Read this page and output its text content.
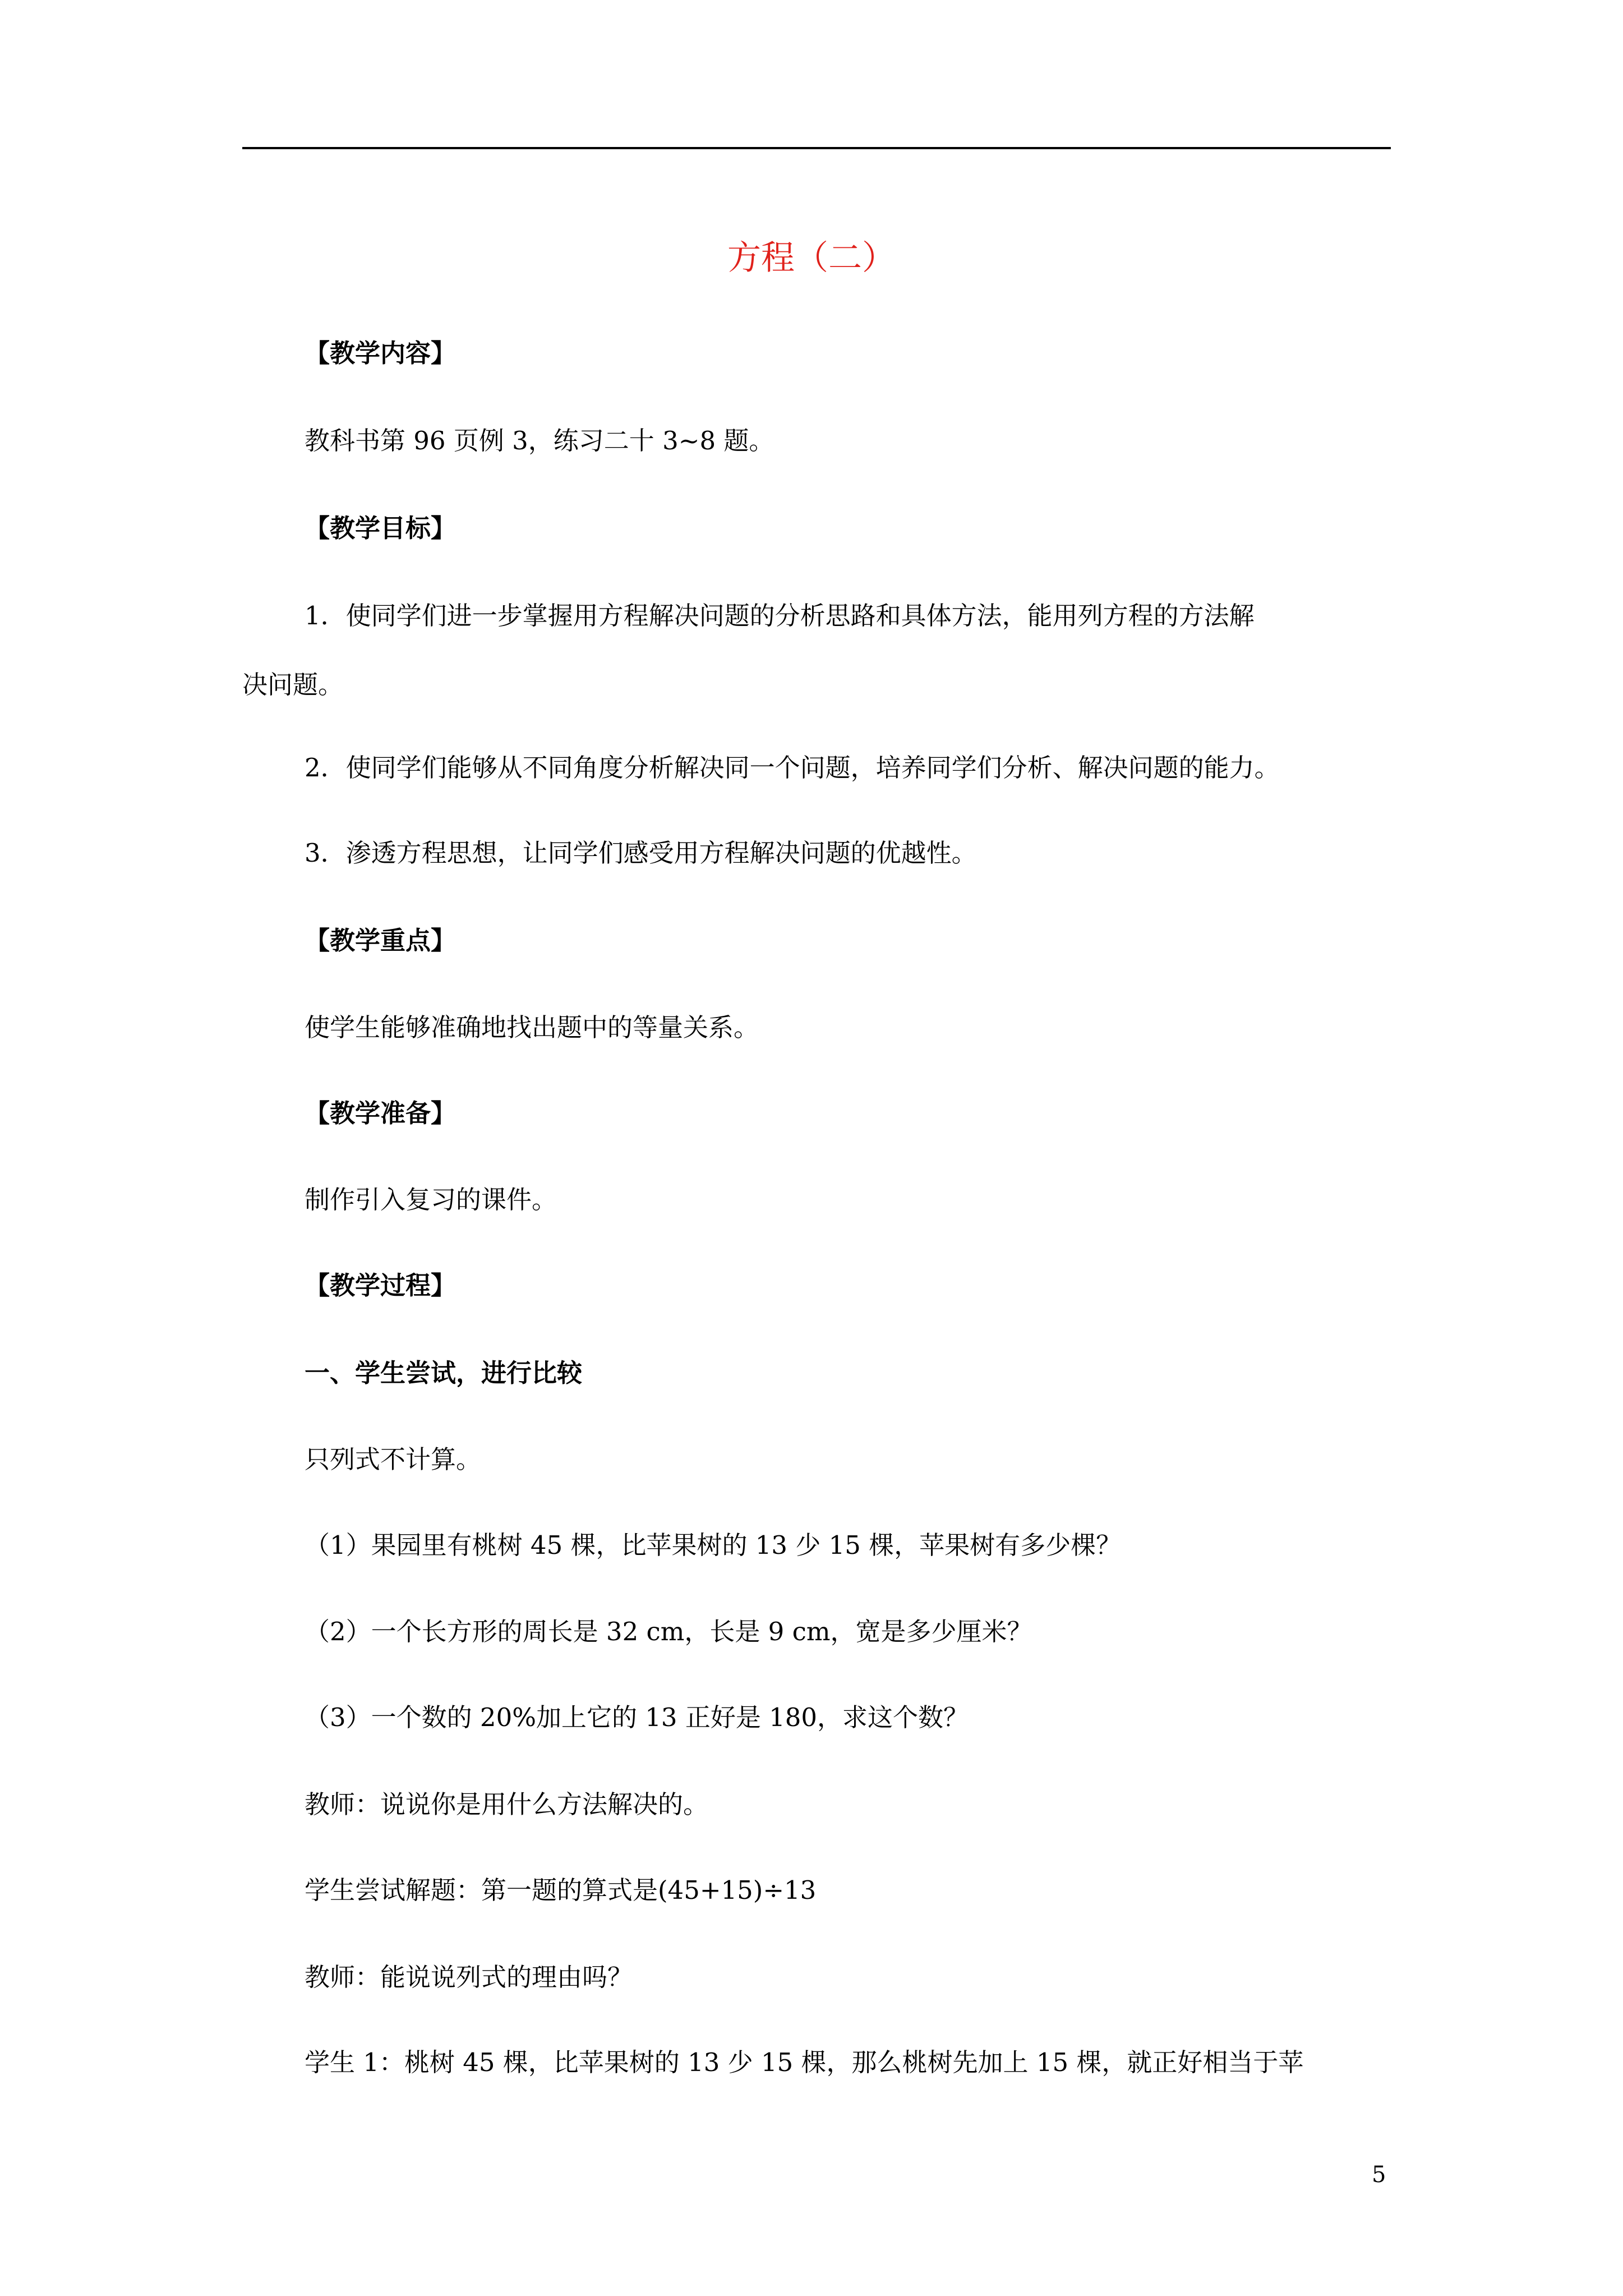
方程（二）
【教学内容】
教科书第 96 页例 3，练习二十 3~8 题。
【教学目标】
1．使同学们进一步掌握用方程解决问题的分析思路和具体方法，能用列方程的方法解
决问题。
2．使同学们能够从不同角度分析解决同一个问题，培养同学们分析、解决问题的能力。
3．渗透方程思想，让同学们感受用方程解决问题的优越性。
【教学重点】
使学生能够准确地找出题中的等量关系。
【教学准备】
制作引入复习的课件。
【教学过程】
一、学生尝试，进行比较
只列式不计算。
（1）果园里有桃树 45 棵，比苹果树的 13 少 15 棵，苹果树有多少棵？
（2）一个长方形的周长是 32 cm，长是 9 cm，宽是多少厘米？
（3）一个数的 20%加上它的 13 正好是 180，求这个数？
教师：说说你是用什么方法解决的。
学生尝试解题：第一题的算式是(45+15)÷13
教师：能说说列式的理由吗？
学生 1：桃树 45 棵，比苹果树的 13 少 15 棵，那么桃树先加上 15 棵，就正好相当于苹
5
